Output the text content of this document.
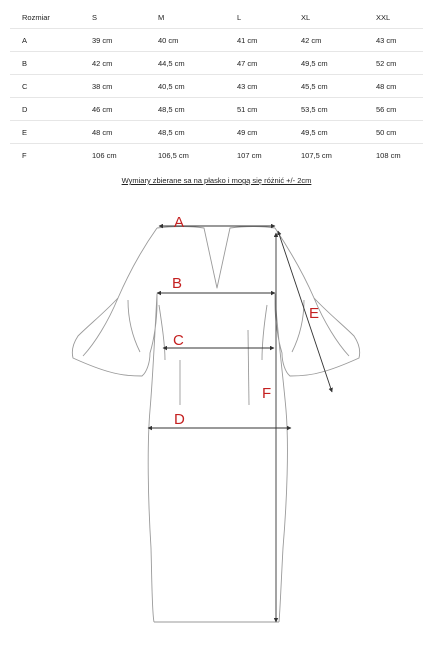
Rozmiar	S	M	L	XL	XXL
A	39 cm	40 cm	41 cm	42 cm	43 cm
B	42 cm	44,5 cm	47 cm	49,5 cm	52 cm
C	38 cm	40,5 cm	43 cm	45,5 cm	48 cm
D	46 cm	48,5 cm	51 cm	53,5 cm	56 cm
E	48 cm	48,5 cm	49 cm	49,5 cm	50 cm
F	106 cm	106,5 cm	107 cm	107,5 cm	108 cm
Wymiary zbierane sa na płasko i mogą się różnić +/- 2cm
A
B
C
D
E
F
